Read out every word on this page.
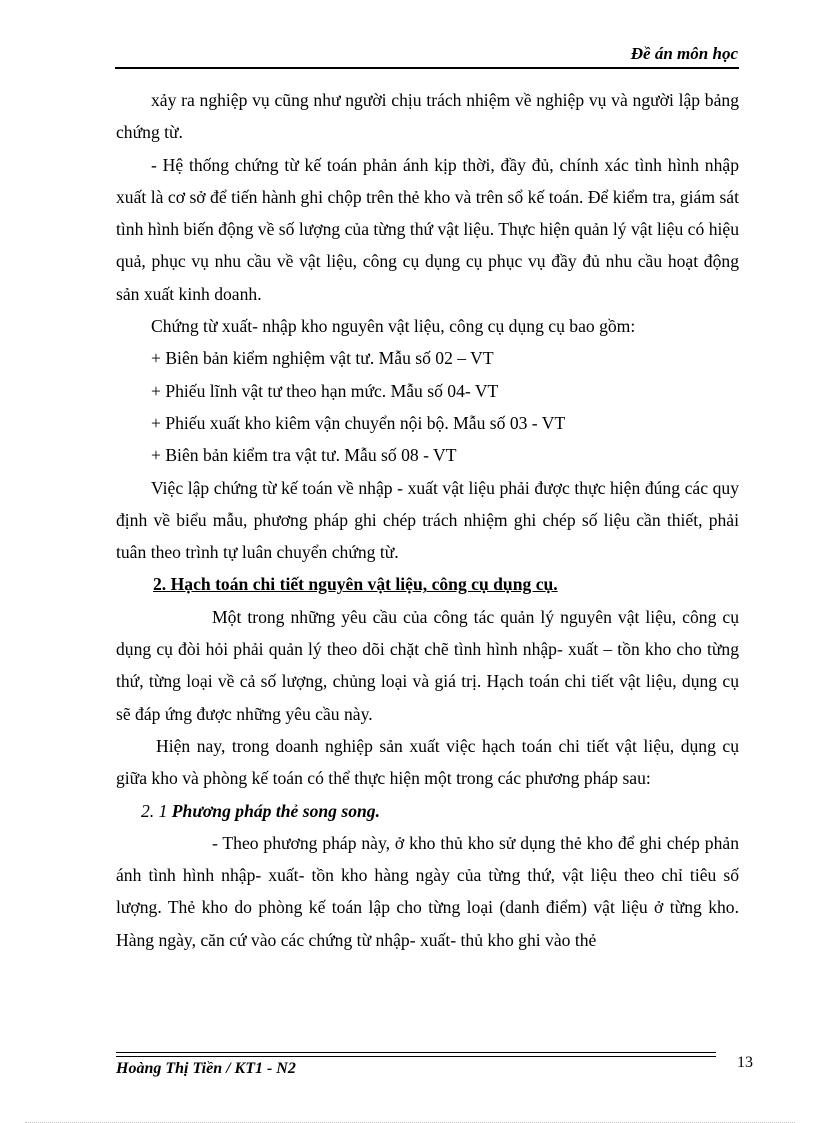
Đề án môn học

xảy ra nghiệp vụ cũng như người chịu trách nhiệm về nghiệp vụ và người lập bảng chứng từ.

- Hệ thống chứng từ kế toán phản ánh kịp thời, đầy đủ, chính xác tình hình nhập xuất là cơ sở để tiến hành ghi chộp trên thẻ kho và trên sổ kế toán. Để kiểm tra, giám sát tình hình biến động về số lượng của từng thứ vật liệu. Thực hiện quản lý vật liệu có hiệu quả, phục vụ nhu cầu về vật liệu, công cụ dụng cụ phục vụ đầy đủ nhu cầu hoạt động sản xuất kinh doanh.

Chứng từ xuất- nhập kho nguyên vật liệu, công cụ dụng cụ bao gồm:

+ Biên bản kiểm nghiệm vật tư. Mẫu số 02 – VT

+ Phiếu lĩnh vật tư theo hạn mức. Mẫu số 04- VT

+ Phiếu xuất kho kiêm vận chuyển nội bộ. Mẫu số 03 - VT

+ Biên bản kiểm tra vật tư. Mẫu số 08 - VT

Việc lập chứng từ kế toán về nhập - xuất vật liệu phải được thực hiện đúng các quy định về biểu mẫu, phương pháp ghi chép trách nhiệm ghi chép số liệu cần thiết, phải tuân theo trình tự luân chuyển chứng từ.

2. Hạch toán chi tiết nguyên vật liệu, công cụ dụng cụ.

Một trong những yêu cầu của công tác quản lý nguyên vật liệu, công cụ dụng cụ đòi hỏi phải quản lý theo dõi chặt chẽ tình hình nhập- xuất – tồn kho cho từng thứ, từng loại về cả số lượng, chủng loại và giá trị. Hạch toán chi tiết vật liệu, dụng cụ sẽ đáp ứng được những yêu cầu này.

Hiện nay, trong doanh nghiệp sản xuất việc hạch toán chi tiết vật liệu, dụng cụ giữa kho và phòng kế toán có thể thực hiện một trong các phương pháp sau:

2. 1 Phương pháp thẻ song song.

- Theo phương pháp này, ở kho thủ kho sử dụng thẻ kho để ghi chép phản ánh tình hình nhập- xuất- tồn kho hàng ngày của từng thứ, vật liệu theo chỉ tiêu số lượng. Thẻ kho do phòng kế toán lập cho từng loại (danh điểm) vật liệu ở từng kho. Hàng ngày, căn cứ vào các chứng từ nhập- xuất- thủ kho ghi vào thẻ

Hoàng Thị Tiền / KT1 - N2	13
